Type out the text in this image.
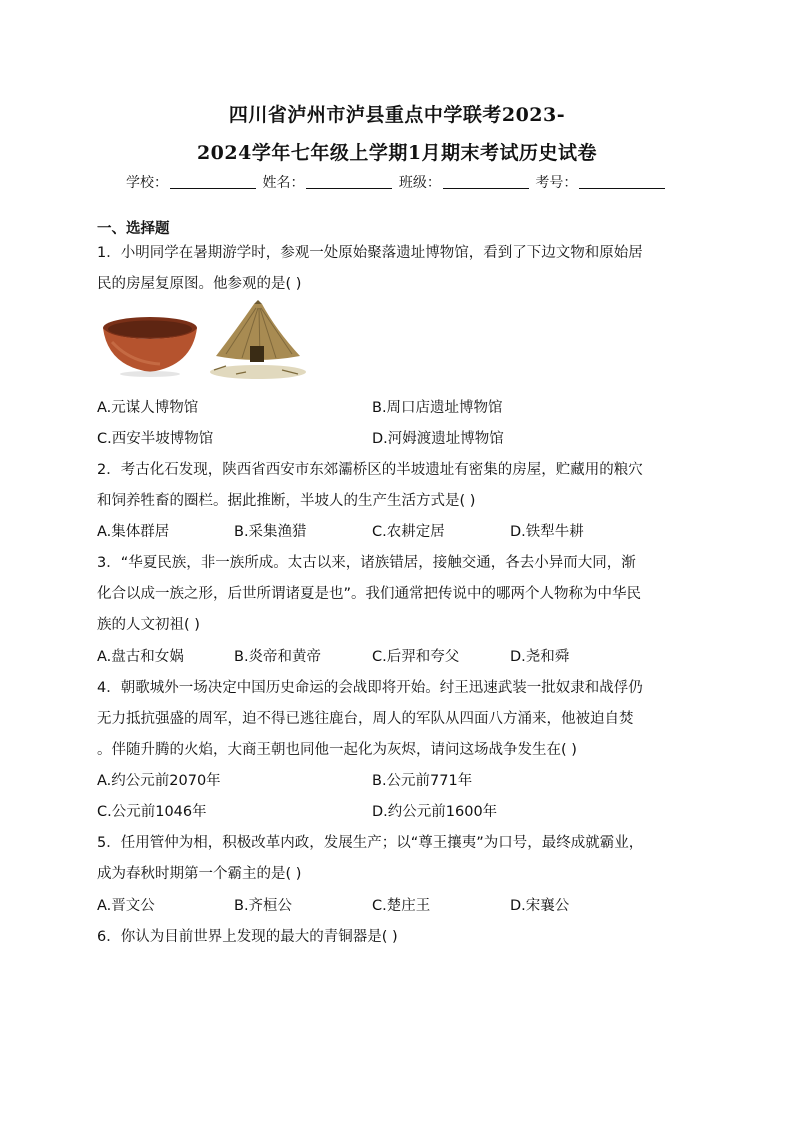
四川省泸州市泸县重点中学联考2023-
2024学年七年级上学期1月期末考试历史试卷
学校：	姓名：	班级：	考号：
一、选择题
1．小明同学在暑期游学时，参观一处原始聚落遗址博物馆，看到了下边文物和原始居
民的房屋复原图。他参观的是( )
A.元谋人博物馆	B.周口店遗址博物馆
C.西安半坡博物馆	D.河姆渡遗址博物馆
2．考古化石发现，陕西省西安市东郊灞桥区的半坡遗址有密集的房屋，贮藏用的粮穴
和饲养牲畜的圈栏。据此推断，半坡人的生产生活方式是( )
A.集体群居	B.采集渔猎	C.农耕定居	D.铁犁牛耕
3．“华夏民族，非一族所成。太古以来，诸族错居，接触交通，各去小异而大同，渐
化合以成一族之形，后世所谓诸夏是也”。我们通常把传说中的哪两个人物称为中华民
族的人文初祖( )
A.盘古和女娲	B.炎帝和黄帝	C.后羿和夸父	D.尧和舜
4．朝歌城外一场决定中国历史命运的会战即将开始。纣王迅速武装一批奴隶和战俘仍
无力抵抗强盛的周军，迫不得已逃往鹿台，周人的军队从四面八方涌来，他被迫自焚
。伴随升腾的火焰，大商王朝也同他一起化为灰烬，请问这场战争发生在( )
A.约公元前2070年	B.公元前771年
C.公元前1046年	D.约公元前1600年
5．任用管仲为相，积极改革内政，发展生产；以“尊王攘夷”为口号，最终成就霸业，
成为春秋时期第一个霸主的是( )
A.晋文公	B.齐桓公	C.楚庄王	D.宋襄公
6．你认为目前世界上发现的最大的青铜器是( )
